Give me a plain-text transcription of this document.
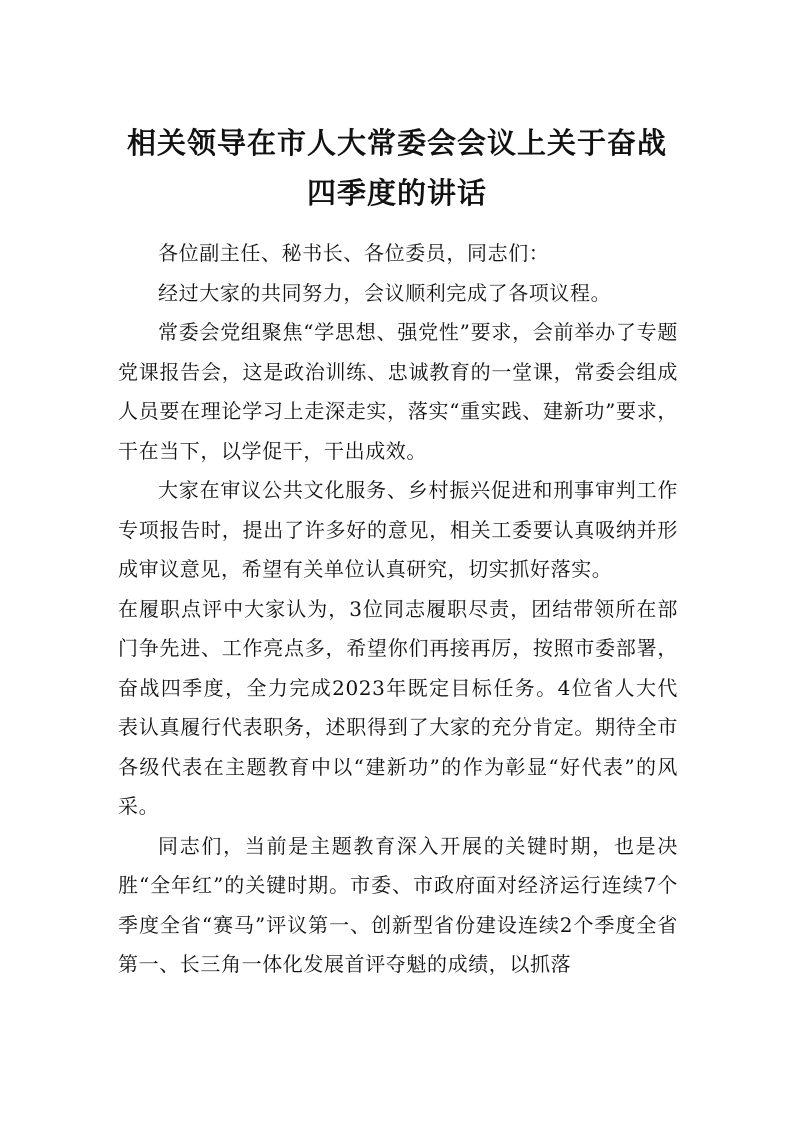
相关领导在市人大常委会会议上关于奋战
四季度的讲话

各位副主任、秘书长、各位委员，同志们：

经过大家的共同努力，会议顺利完成了各项议程。

常委会党组聚焦“学思想、强党性”要求，会前举办了专题党课报告会，这是政治训练、忠诚教育的一堂课，常委会组成人员要在理论学习上走深走实，落实“重实践、建新功”要求，干在当下，以学促干，干出成效。

大家在审议公共文化服务、乡村振兴促进和刑事审判工作专项报告时，提出了许多好的意见，相关工委要认真吸纳并形成审议意见，希望有关单位认真研究，切实抓好落实。

在履职点评中大家认为，3位同志履职尽责，团结带领所在部门争先进、工作亮点多，希望你们再接再厉，按照市委部署，奋战四季度，全力完成2023年既定目标任务。4位省人大代表认真履行代表职务，述职得到了大家的充分肯定。期待全市各级代表在主题教育中以“建新功”的作为彰显“好代表”的风采。

同志们，当前是主题教育深入开展的关键时期，也是决胜“全年红”的关键时期。市委、市政府面对经济运行连续7个季度全省“赛马”评议第一、创新型省份建设连续2个季度全省第一、长三角一体化发展首评夺魁的成绩，以抓落
